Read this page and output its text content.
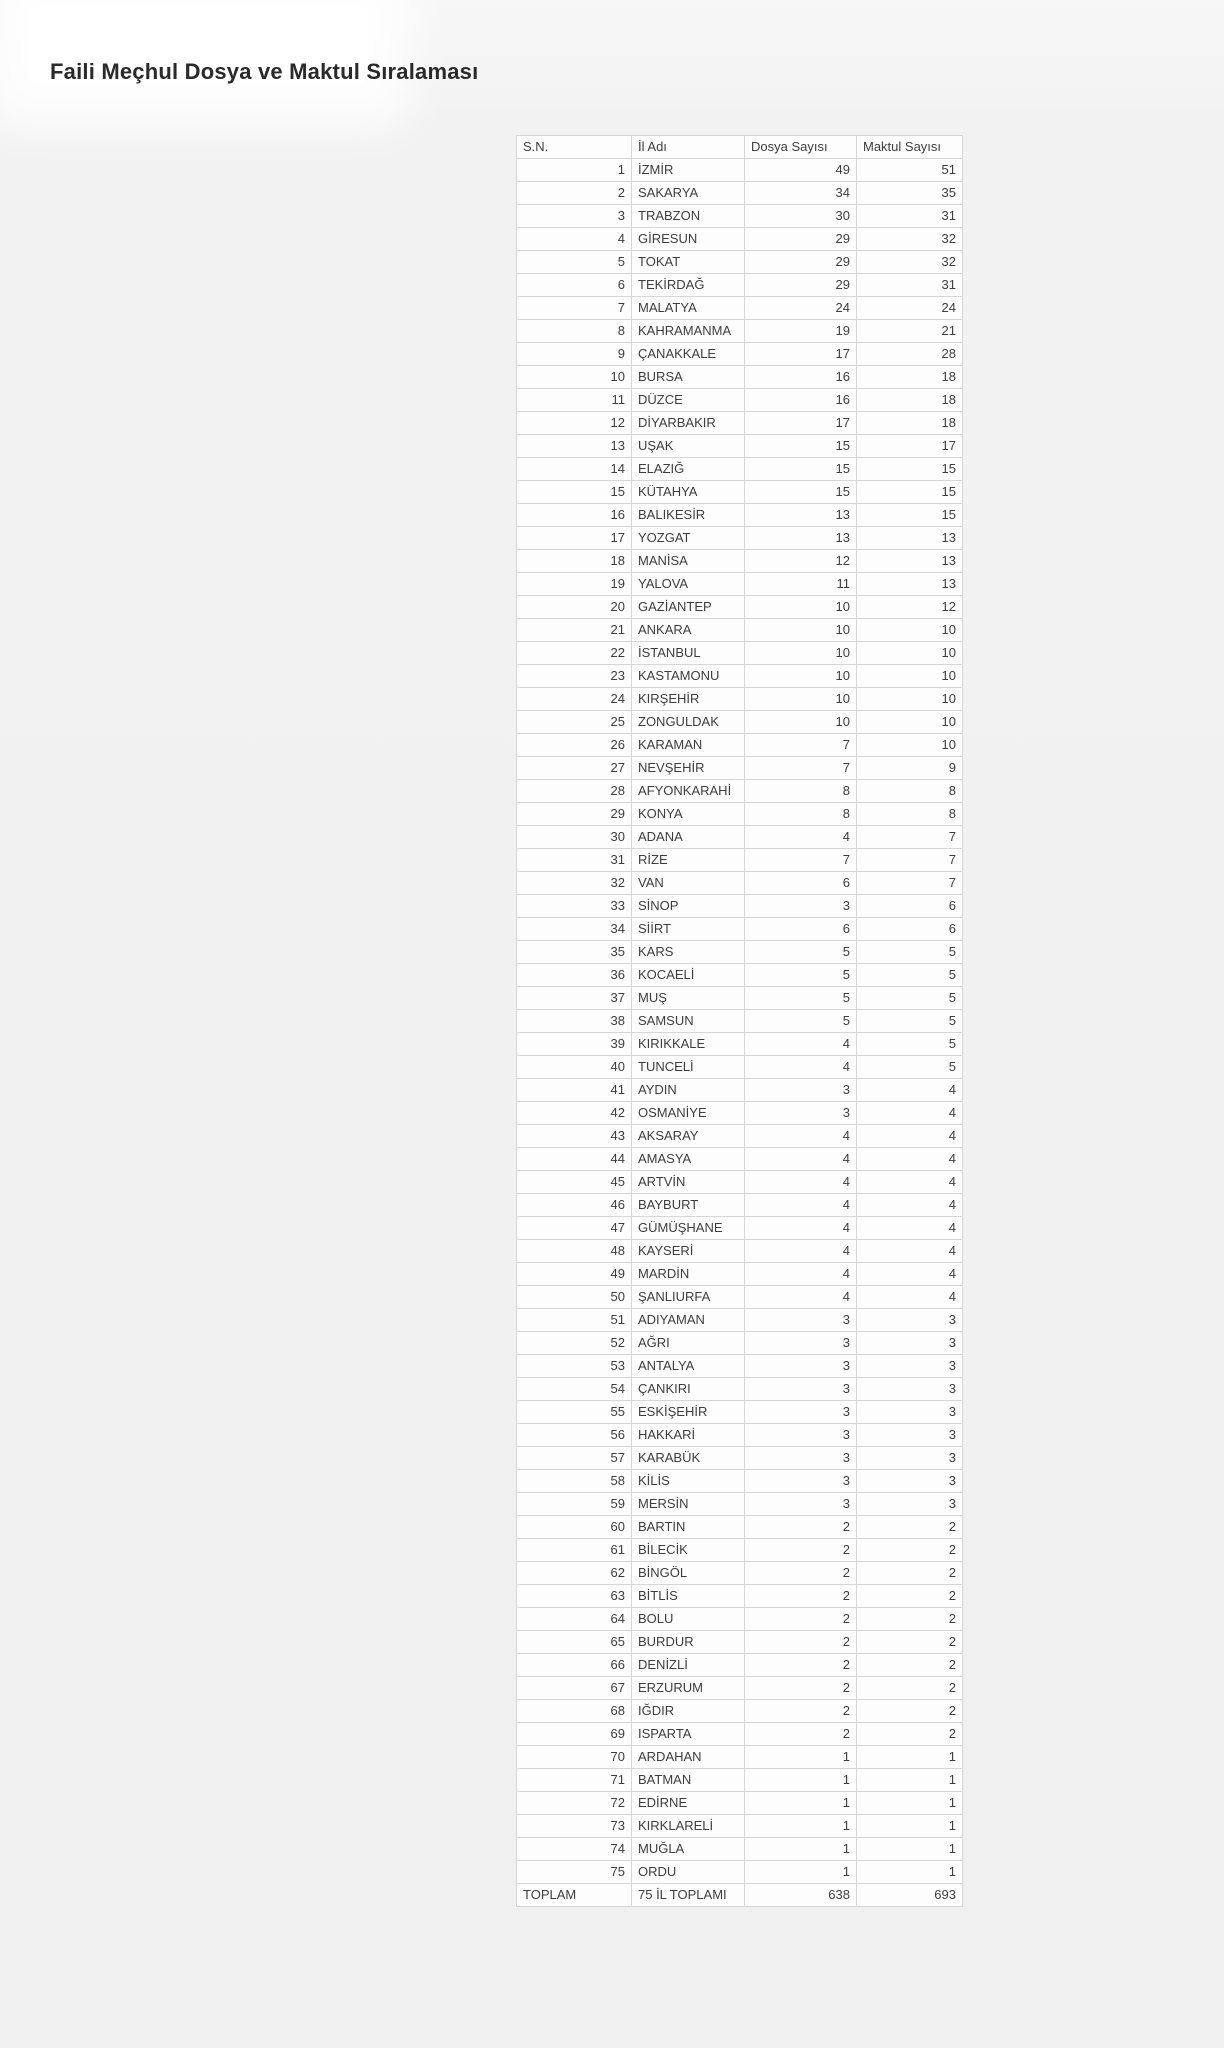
Faili Meçhul Dosya ve Maktul Sıralaması
S.N.	İl Adı	Dosya Sayısı	Maktul Sayısı
1	İZMİR	49	51
2	SAKARYA	34	35
3	TRABZON	30	31
4	GİRESUN	29	32
5	TOKAT	29	32
6	TEKİRDAĞ	29	31
7	MALATYA	24	24
8	KAHRAMANMA	19	21
9	ÇANAKKALE	17	28
10	BURSA	16	18
11	DÜZCE	16	18
12	DİYARBAKIR	17	18
13	UŞAK	15	17
14	ELAZIĞ	15	15
15	KÜTAHYA	15	15
16	BALIKESİR	13	15
17	YOZGAT	13	13
18	MANİSA	12	13
19	YALOVA	11	13
20	GAZİANTEP	10	12
21	ANKARA	10	10
22	İSTANBUL	10	10
23	KASTAMONU	10	10
24	KIRŞEHİR	10	10
25	ZONGULDAK	10	10
26	KARAMAN	7	10
27	NEVŞEHİR	7	9
28	AFYONKARAHİ	8	8
29	KONYA	8	8
30	ADANA	4	7
31	RİZE	7	7
32	VAN	6	7
33	SİNOP	3	6
34	SİİRT	6	6
35	KARS	5	5
36	KOCAELİ	5	5
37	MUŞ	5	5
38	SAMSUN	5	5
39	KIRIKKALE	4	5
40	TUNCELİ	4	5
41	AYDIN	3	4
42	OSMANİYE	3	4
43	AKSARAY	4	4
44	AMASYA	4	4
45	ARTVİN	4	4
46	BAYBURT	4	4
47	GÜMÜŞHANE	4	4
48	KAYSERİ	4	4
49	MARDİN	4	4
50	ŞANLIURFA	4	4
51	ADIYAMAN	3	3
52	AĞRI	3	3
53	ANTALYA	3	3
54	ÇANKIRI	3	3
55	ESKİŞEHİR	3	3
56	HAKKARİ	3	3
57	KARABÜK	3	3
58	KİLİS	3	3
59	MERSİN	3	3
60	BARTIN	2	2
61	BİLECİK	2	2
62	BİNGÖL	2	2
63	BİTLİS	2	2
64	BOLU	2	2
65	BURDUR	2	2
66	DENİZLİ	2	2
67	ERZURUM	2	2
68	IĞDIR	2	2
69	ISPARTA	2	2
70	ARDAHAN	1	1
71	BATMAN	1	1
72	EDİRNE	1	1
73	KIRKLARELİ	1	1
74	MUĞLA	1	1
75	ORDU	1	1
TOPLAM	75 İL TOPLAMI	638	693
